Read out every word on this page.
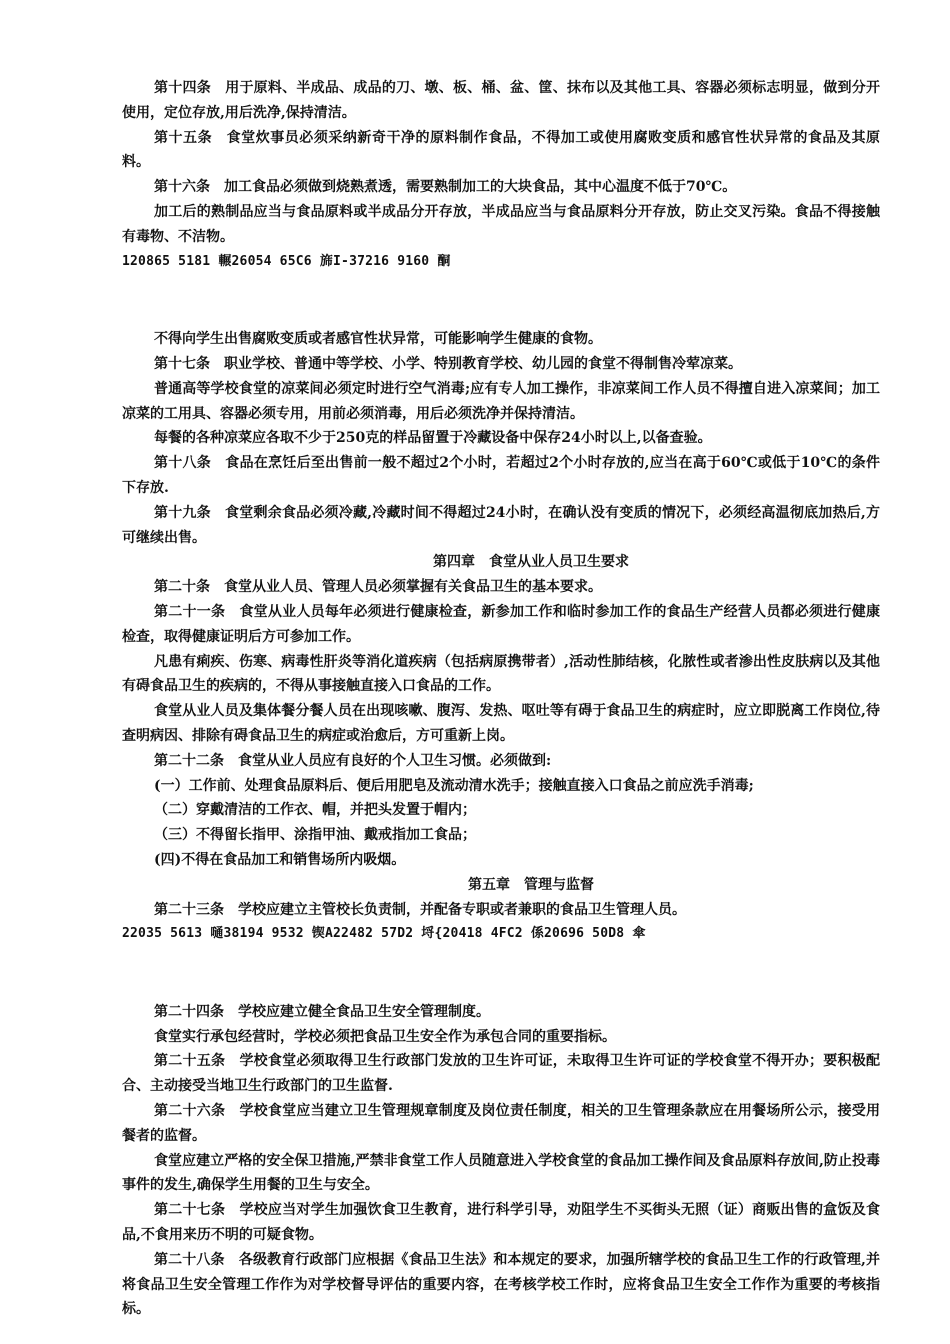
第十四条　用于原料、半成品、成品的刀、墩、板、桶、盆、筐、抹布以及其他工具、容器必须标志明显，做到分开使用，定位存放,用后洗净,保持清洁。

第十五条　食堂炊事员必须采纳新奇干净的原料制作食品，不得加工或使用腐败变质和感官性状异常的食品及其原料。

第十六条　加工食品必须做到烧熟煮透，需要熟制加工的大块食品，其中心温度不低于70℃。

加工后的熟制品应当与食品原料或半成品分开存放，半成品应当与食品原料分开存放，防止交叉污染。食品不得接触有毒物、不洁物。

120865 5181 輾26054 65C6 旆I-37216 9160 酮

不得向学生出售腐败变质或者感官性状异常，可能影响学生健康的食物。

第十七条　职业学校、普通中等学校、小学、特别教育学校、幼儿园的食堂不得制售冷荤凉菜。

普通高等学校食堂的凉菜间必须定时进行空气消毒;应有专人加工操作，非凉菜间工作人员不得擅自进入凉菜间；加工凉菜的工用具、容器必须专用，用前必须消毒，用后必须洗净并保持清洁。

每餐的各种凉菜应各取不少于250克的样品留置于冷藏设备中保存24小时以上,以备查验。

第十八条　食品在烹饪后至出售前一般不超过2个小时，若超过2个小时存放的,应当在高于60℃或低于10℃的条件下存放.

第十九条　食堂剩余食品必须冷藏,冷藏时间不得超过24小时，在确认没有变质的情况下，必须经高温彻底加热后,方可继续出售。

第四章　食堂从业人员卫生要求

第二十条　食堂从业人员、管理人员必须掌握有关食品卫生的基本要求。

第二十一条　食堂从业人员每年必须进行健康检查，新参加工作和临时参加工作的食品生产经营人员都必须进行健康检查，取得健康证明后方可参加工作。

凡患有痢疾、伤寒、病毒性肝炎等消化道疾病（包括病原携带者）,活动性肺结核，化脓性或者渗出性皮肤病以及其他有碍食品卫生的疾病的，不得从事接触直接入口食品的工作。

食堂从业人员及集体餐分餐人员在出现咳嗽、腹泻、发热、呕吐等有碍于食品卫生的病症时，应立即脱离工作岗位,待查明病因、排除有碍食品卫生的病症或治愈后，方可重新上岗。

第二十二条　食堂从业人员应有良好的个人卫生习惯。必须做到:

(一）工作前、处理食品原料后、便后用肥皂及流动清水洗手；接触直接入口食品之前应洗手消毒;

（二）穿戴清洁的工作衣、帽，并把头发置于帽内；

（三）不得留长指甲、涂指甲油、戴戒指加工食品；

(四)不得在食品加工和销售场所内吸烟。

第五章　管理与监督

第二十三条　学校应建立主管校长负责制，并配备专职或者兼职的食品卫生管理人员。

22035 5613 嗵38194 9532 锲A22482 57D2 埒{20418 4FC2 係20696 50D8 傘

第二十四条　学校应建立健全食品卫生安全管理制度。

食堂实行承包经营时，学校必须把食品卫生安全作为承包合同的重要指标。

第二十五条　学校食堂必须取得卫生行政部门发放的卫生许可证，未取得卫生许可证的学校食堂不得开办；要积极配合、主动接受当地卫生行政部门的卫生监督.

第二十六条　学校食堂应当建立卫生管理规章制度及岗位责任制度，相关的卫生管理条款应在用餐场所公示，接受用餐者的监督。

食堂应建立严格的安全保卫措施,严禁非食堂工作人员随意进入学校食堂的食品加工操作间及食品原料存放间,防止投毒事件的发生,确保学生用餐的卫生与安全。

第二十七条　学校应当对学生加强饮食卫生教育，进行科学引导，劝阻学生不买街头无照（证）商贩出售的盒饭及食品,不食用来历不明的可疑食物。

第二十八条　各级教育行政部门应根据《食品卫生法》和本规定的要求，加强所辖学校的食品卫生工作的行政管理,并将食品卫生安全管理工作作为对学校督导评估的重要内容，在考核学校工作时，应将食品卫生安全工作作为重要的考核指标。
